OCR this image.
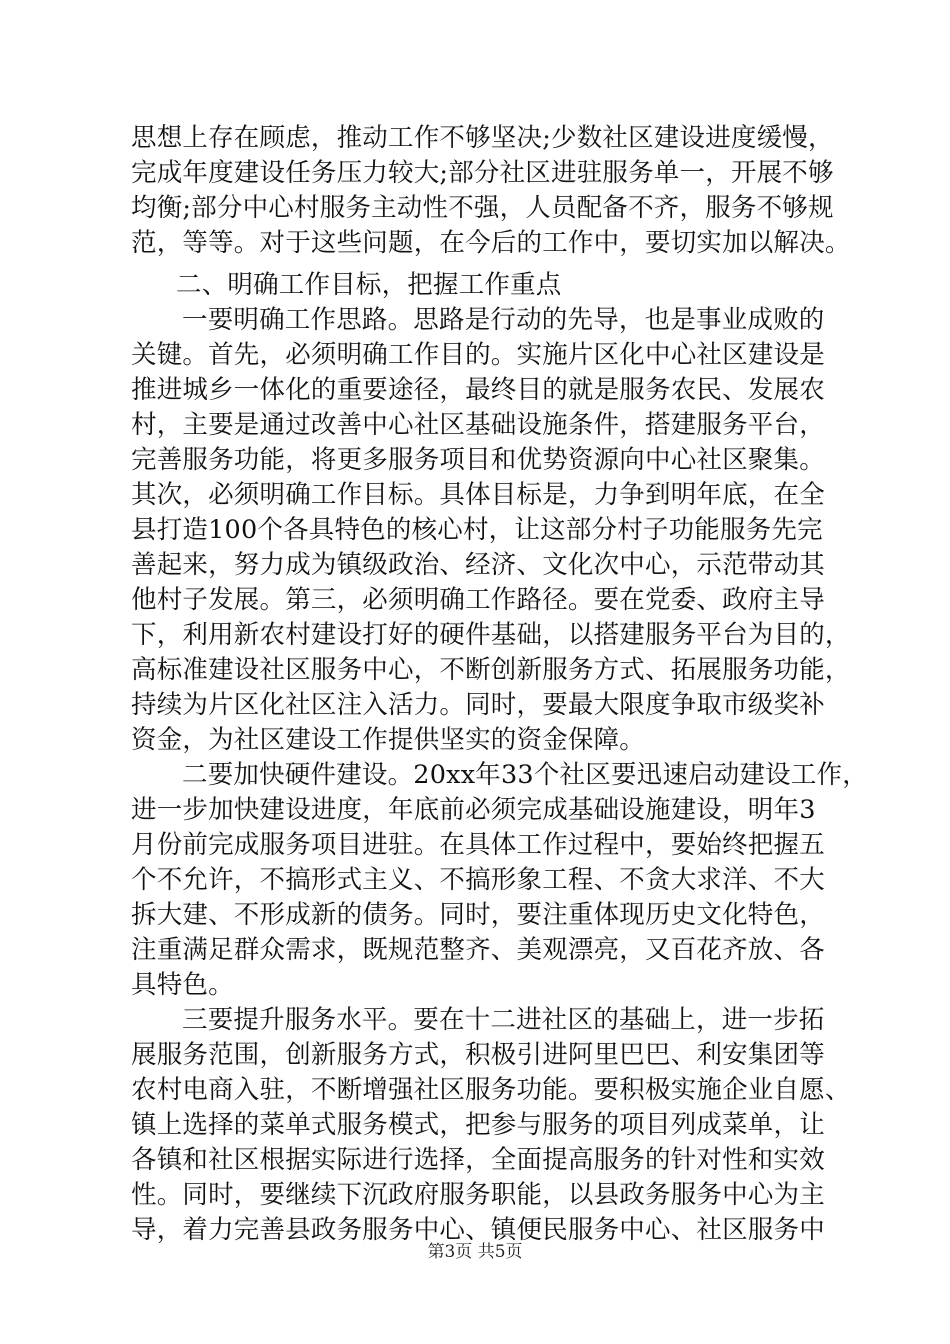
思想上存在顾虑，推动工作不够坚决;少数社区建设进度缓慢，
完成年度建设任务压力较大;部分社区进驻服务单一，开展不够
均衡;部分中心村服务主动性不强，人员配备不齐，服务不够规
范，等等。对于这些问题，在今后的工作中，要切实加以解决。
二、明确工作目标，把握工作重点
一要明确工作思路。思路是行动的先导，也是事业成败的
关键。首先，必须明确工作目的。实施片区化中心社区建设是
推进城乡一体化的重要途径，最终目的就是服务农民、发展农
村，主要是通过改善中心社区基础设施条件，搭建服务平台，
完善服务功能，将更多服务项目和优势资源向中心社区聚集。
其次，必须明确工作目标。具体目标是，力争到明年底，在全
县打造100个各具特色的核心村，让这部分村子功能服务先完
善起来，努力成为镇级政治、经济、文化次中心，示范带动其
他村子发展。第三，必须明确工作路径。要在党委、政府主导
下，利用新农村建设打好的硬件基础，以搭建服务平台为目的，
高标准建设社区服务中心，不断创新服务方式、拓展服务功能，
持续为片区化社区注入活力。同时，要最大限度争取市级奖补
资金，为社区建设工作提供坚实的资金保障。
二要加快硬件建设。20xx年33个社区要迅速启动建设工作，
进一步加快建设进度，年底前必须完成基础设施建设，明年3
月份前完成服务项目进驻。在具体工作过程中，要始终把握五
个不允许，不搞形式主义、不搞形象工程、不贪大求洋、不大
拆大建、不形成新的债务。同时，要注重体现历史文化特色，
注重满足群众需求，既规范整齐、美观漂亮，又百花齐放、各
具特色。
三要提升服务水平。要在十二进社区的基础上，进一步拓
展服务范围，创新服务方式，积极引进阿里巴巴、利安集团等
农村电商入驻，不断增强社区服务功能。要积极实施企业自愿、
镇上选择的菜单式服务模式，把参与服务的项目列成菜单，让
各镇和社区根据实际进行选择，全面提高服务的针对性和实效
第3页 共5页
性。同时，要继续下沉政府服务职能，以县政务服务中心为主
导，着力完善县政务服务中心、镇便民服务中心、社区服务中
